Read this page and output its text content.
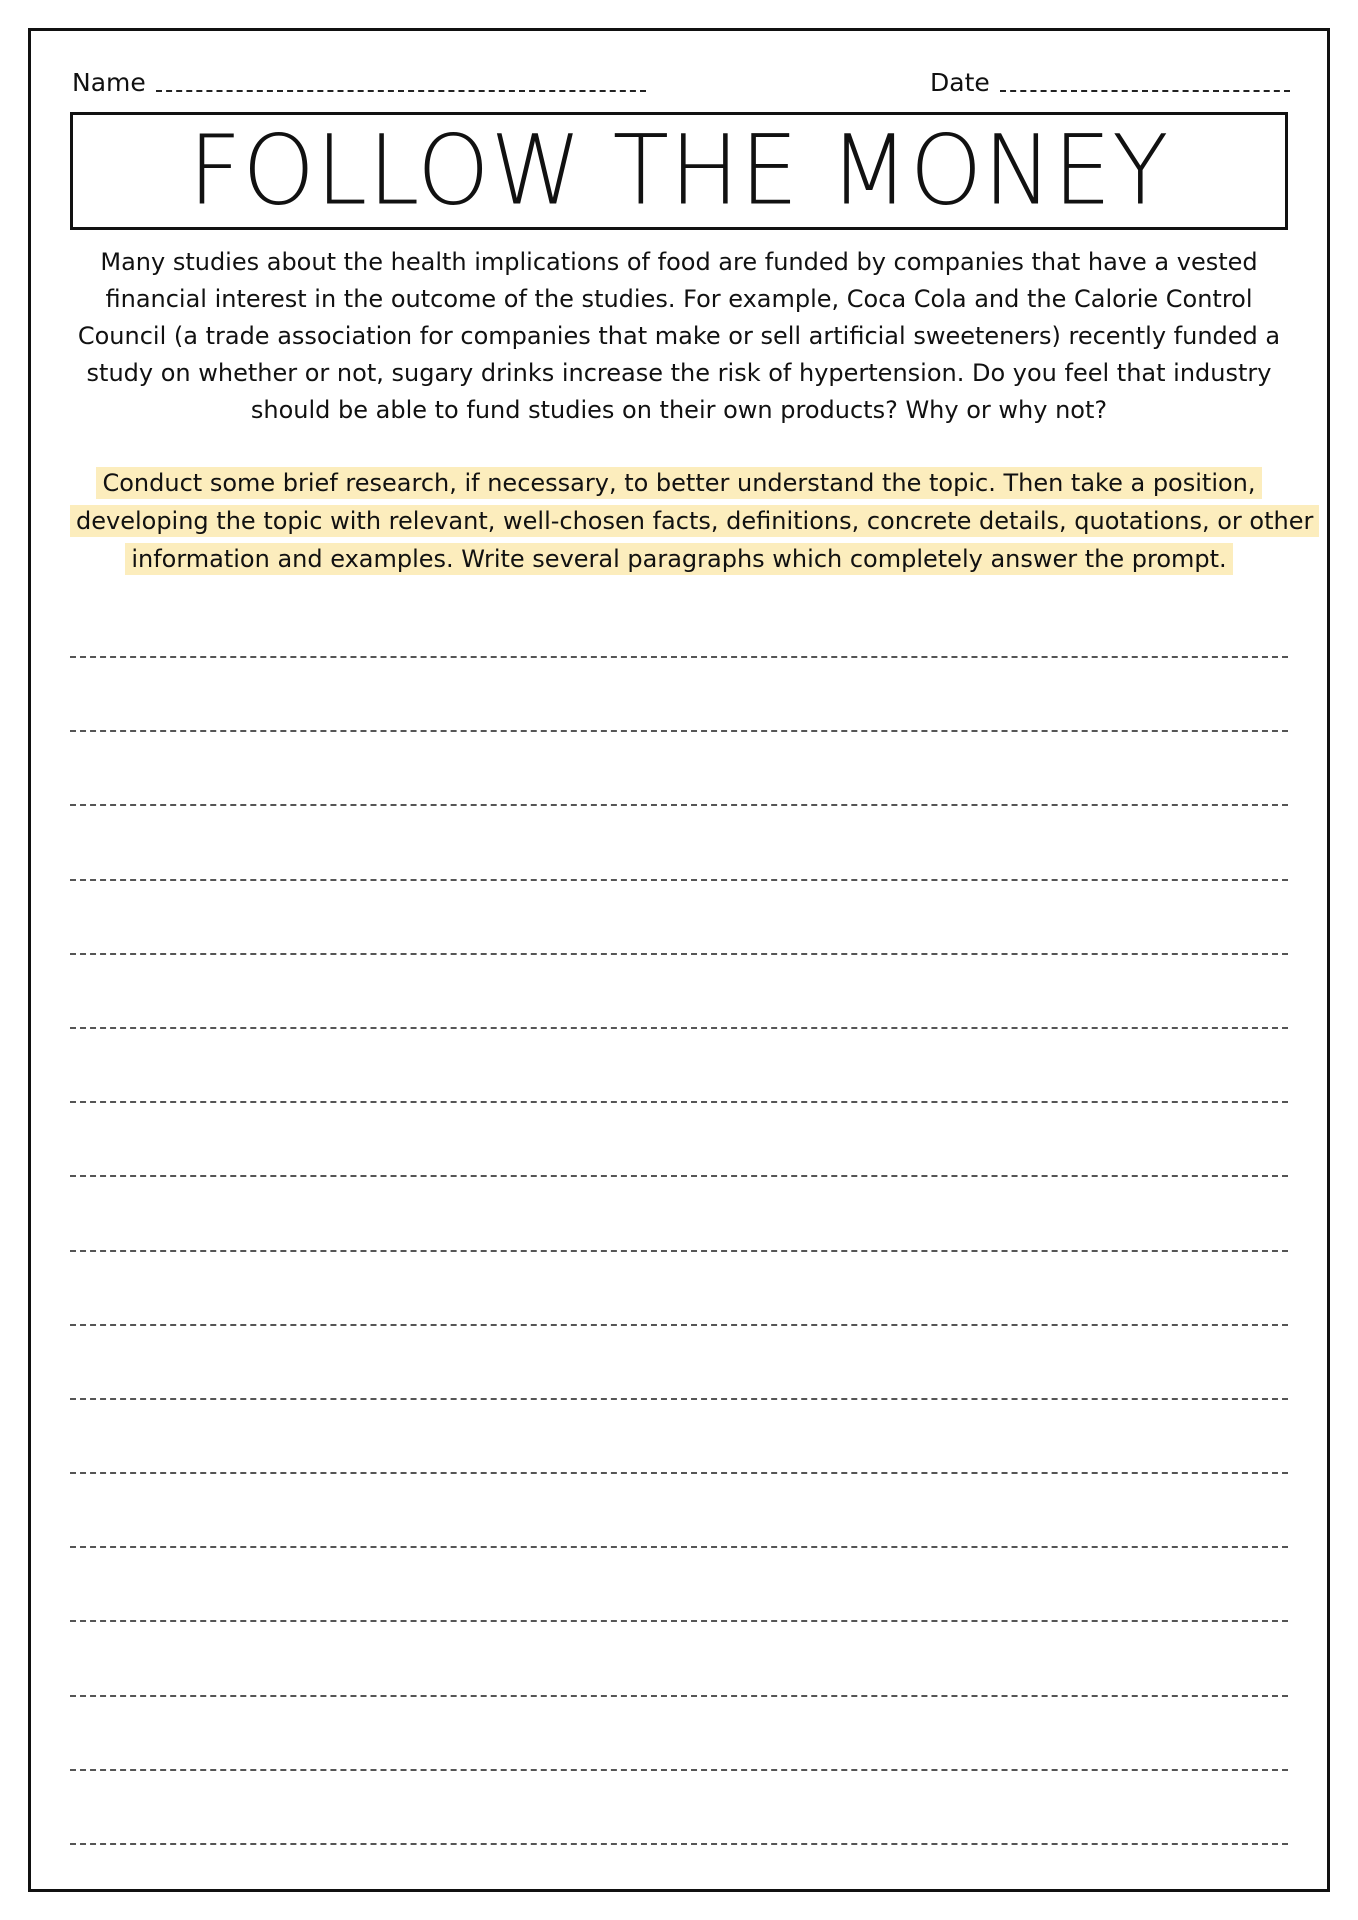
Name	Date
FOLLOW THE MONEY

Many studies about the health implications of food are funded by companies that have a vested

financial interest in the outcome of the studies. For example, Coca Cola and the Calorie Control

Council (a trade association for companies that make or sell artificial sweeteners) recently funded a

study on whether or not, sugary drinks increase the risk of hypertension. Do you feel that industry

should be able to fund studies on their own products? Why or why not?

Conduct some brief research, if necessary, to better understand the topic. Then take a position,

developing the topic with relevant, well-chosen facts, definitions, concrete details, quotations, or other

information and examples. Write several paragraphs which completely answer the prompt.
